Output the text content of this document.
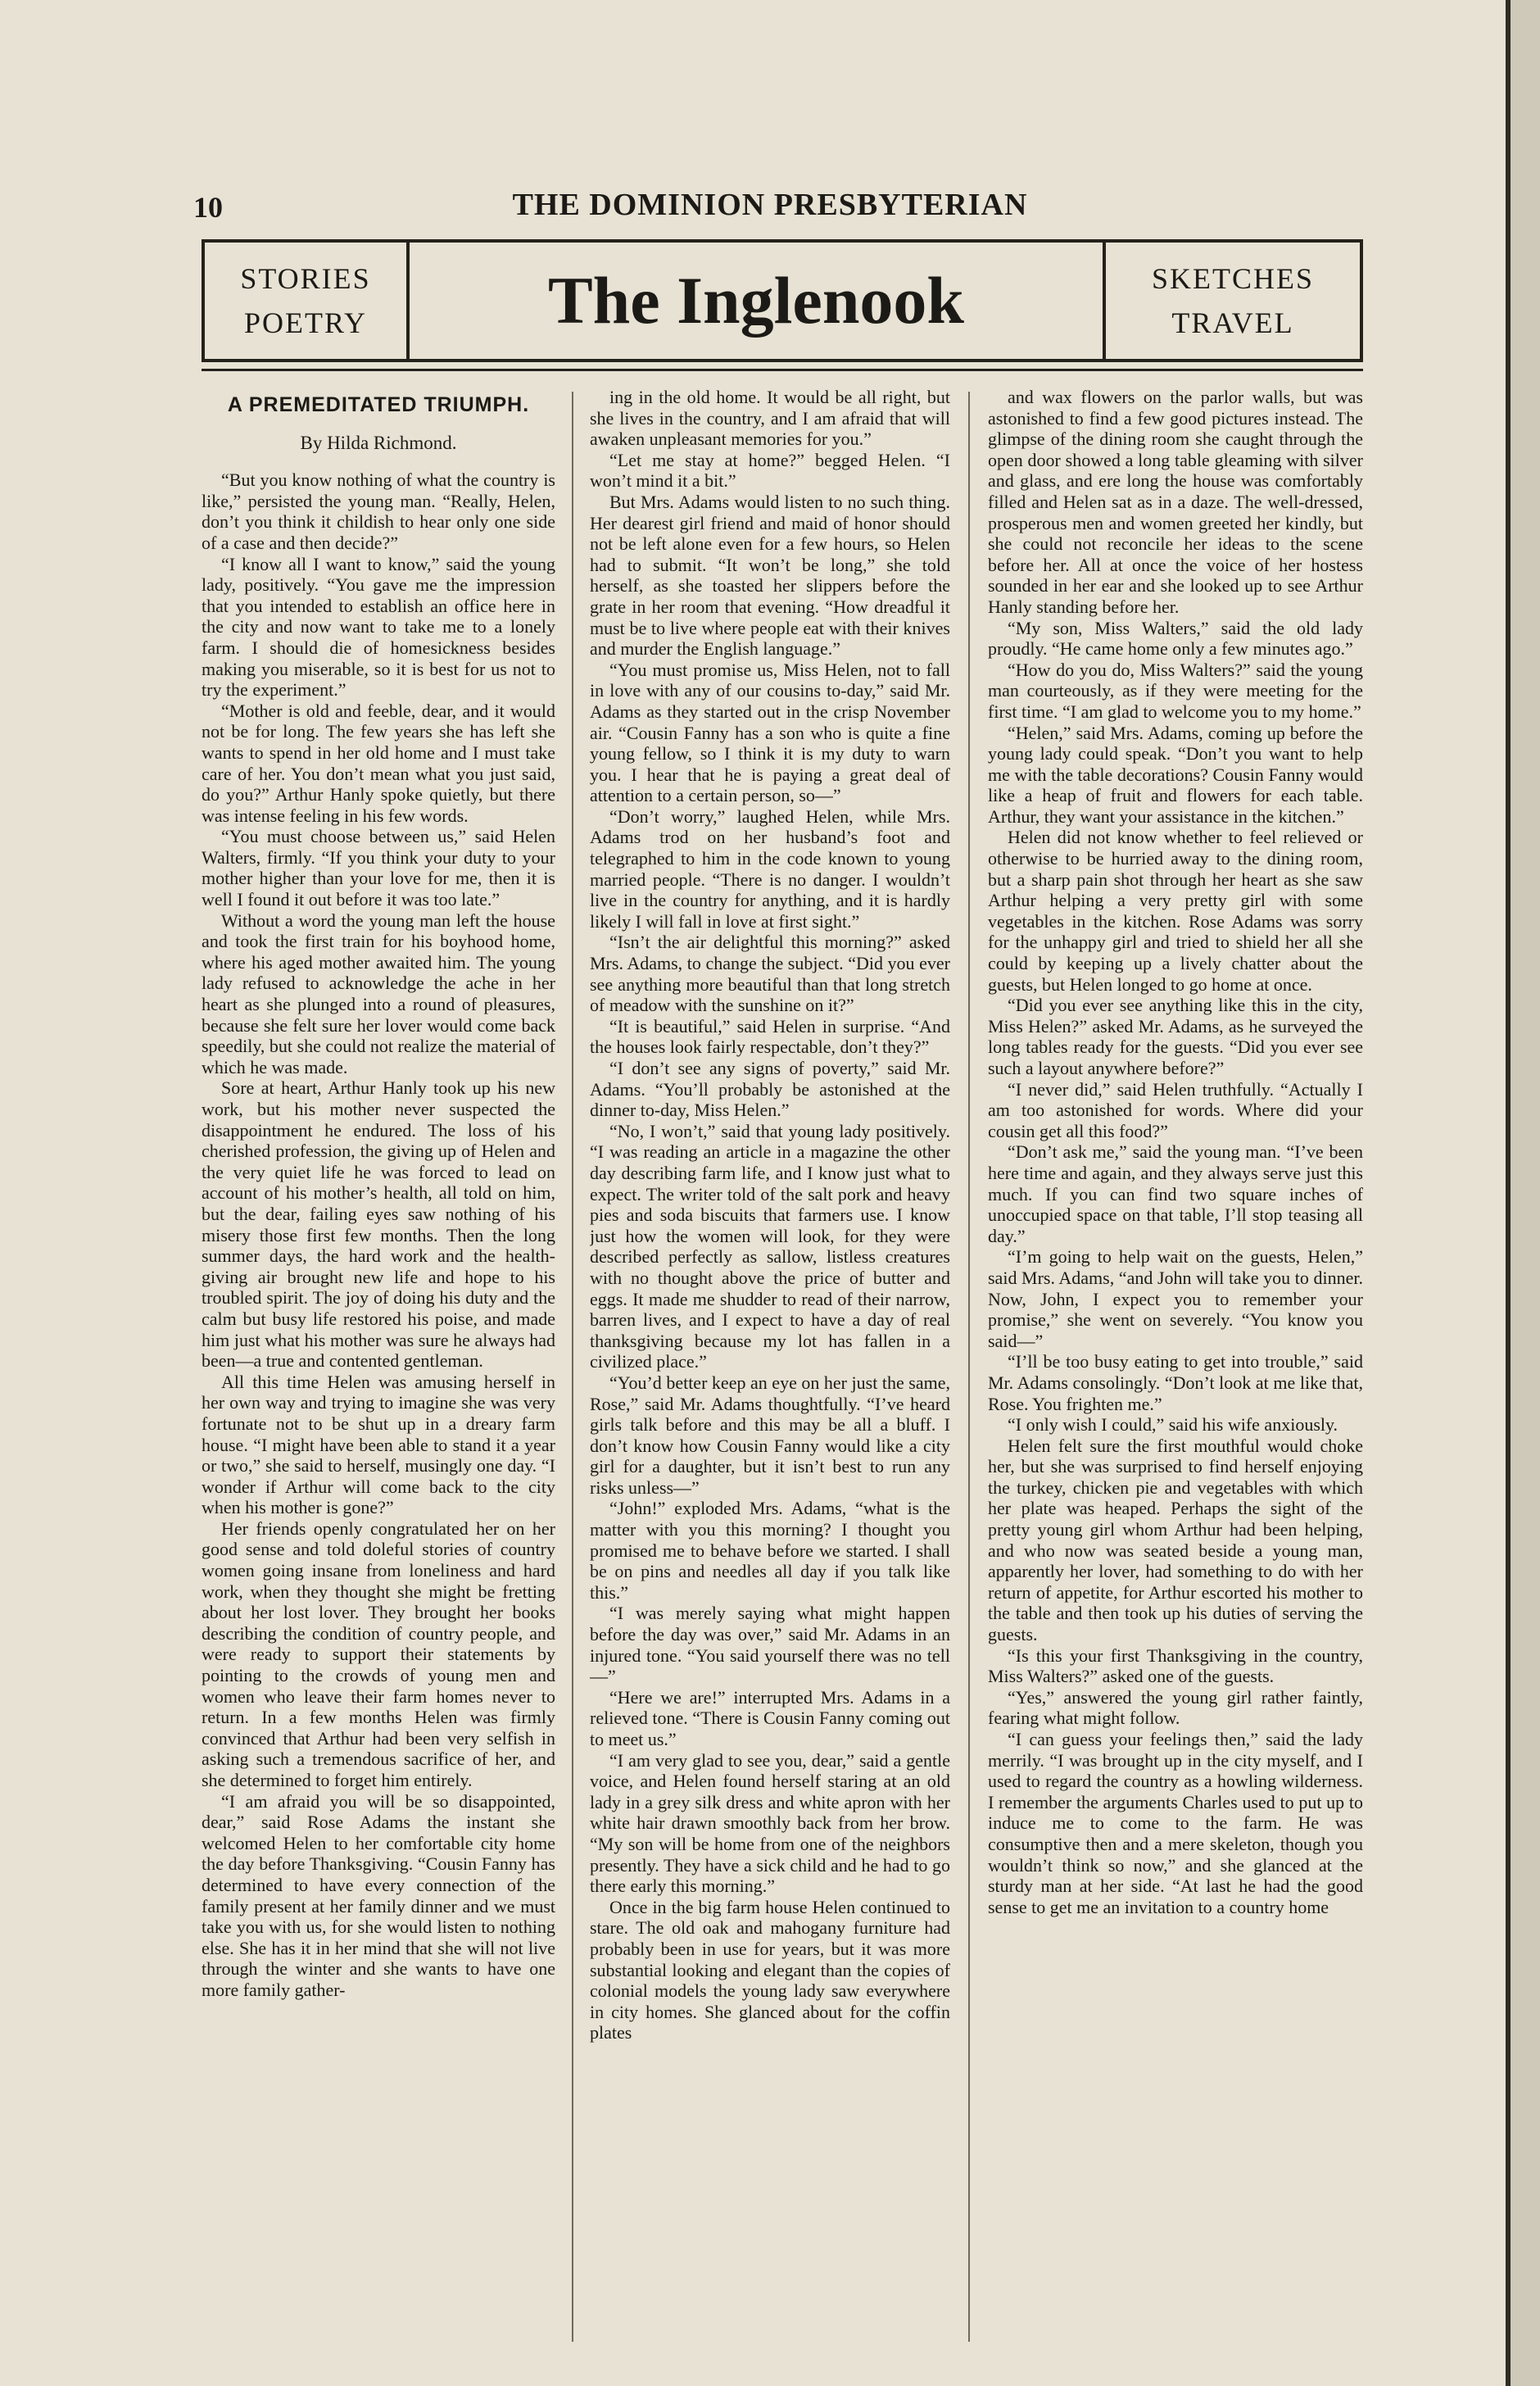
10	THE DOMINION PRESBYTERIAN
STORIES
POETRY	The Inglenook	SKETCHES
TRAVEL
A PREMEDITATED TRIUMPH.
By Hilda Richmond.

“But you know nothing of what the country is like,” persisted the young man. “Really, Helen, don’t you think it childish to hear only one side of a case and then decide?”

“I know all I want to know,” said the young lady, positively. “You gave me the impression that you intended to establish an office here in the city and now want to take me to a lonely farm. I should die of homesickness besides making you miserable, so it is best for us not to try the experiment.”

“Mother is old and feeble, dear, and it would not be for long. The few years she has left she wants to spend in her old home and I must take care of her. You don’t mean what you just said, do you?” Arthur Hanly spoke quietly, but there was intense feeling in his few words.

“You must choose between us,” said Helen Walters, firmly. “If you think your duty to your mother higher than your love for me, then it is well I found it out before it was too late.”

Without a word the young man left the house and took the first train for his boyhood home, where his aged mother awaited him. The young lady refused to acknowledge the ache in her heart as she plunged into a round of pleasures, because she felt sure her lover would come back speedily, but she could not realize the material of which he was made.

Sore at heart, Arthur Hanly took up his new work, but his mother never suspected the disappointment he endured. The loss of his cherished profession, the giving up of Helen and the very quiet life he was forced to lead on account of his mother’s health, all told on him, but the dear, failing eyes saw nothing of his misery those first few months. Then the long summer days, the hard work and the health-giving air brought new life and hope to his troubled spirit. The joy of doing his duty and the calm but busy life restored his poise, and made him just what his mother was sure he always had been—a true and contented gentleman.

All this time Helen was amusing herself in her own way and trying to imagine she was very fortunate not to be shut up in a dreary farm house. “I might have been able to stand it a year or two,” she said to herself, musingly one day. “I wonder if Arthur will come back to the city when his mother is gone?”

Her friends openly congratulated her on her good sense and told doleful stories of country women going insane from loneliness and hard work, when they thought she might be fretting about her lost lover. They brought her books describing the condition of country people, and were ready to support their statements by pointing to the crowds of young men and women who leave their farm homes never to return. In a few months Helen was firmly convinced that Arthur had been very selfish in asking such a tremendous sacrifice of her, and she determined to forget him entirely.

“I am afraid you will be so disappointed, dear,” said Rose Adams the instant she welcomed Helen to her comfortable city home the day before Thanksgiving. “Cousin Fanny has determined to have every connection of the family present at her family dinner and we must take you with us, for she would listen to nothing else. She has it in her mind that she will not live through the winter and she wants to have one more family gather-

ing in the old home. It would be all right, but she lives in the country, and I am afraid that will awaken unpleasant memories for you.”

“Let me stay at home?” begged Helen. “I won’t mind it a bit.”

But Mrs. Adams would listen to no such thing. Her dearest girl friend and maid of honor should not be left alone even for a few hours, so Helen had to submit. “It won’t be long,” she told herself, as she toasted her slippers before the grate in her room that evening. “How dreadful it must be to live where people eat with their knives and murder the English language.”

“You must promise us, Miss Helen, not to fall in love with any of our cousins to-day,” said Mr. Adams as they started out in the crisp November air. “Cousin Fanny has a son who is quite a fine young fellow, so I think it is my duty to warn you. I hear that he is paying a great deal of attention to a certain person, so—”

“Don’t worry,” laughed Helen, while Mrs. Adams trod on her husband’s foot and telegraphed to him in the code known to young married people. “There is no danger. I wouldn’t live in the country for anything, and it is hardly likely I will fall in love at first sight.”

“Isn’t the air delightful this morning?” asked Mrs. Adams, to change the subject. “Did you ever see anything more beautiful than that long stretch of meadow with the sunshine on it?”

“It is beautiful,” said Helen in surprise. “And the houses look fairly respectable, don’t they?”

“I don’t see any signs of poverty,” said Mr. Adams. “You’ll probably be astonished at the dinner to-day, Miss Helen.”

“No, I won’t,” said that young lady positively. “I was reading an article in a magazine the other day describing farm life, and I know just what to expect. The writer told of the salt pork and heavy pies and soda biscuits that farmers use. I know just how the women will look, for they were described perfectly as sallow, listless creatures with no thought above the price of butter and eggs. It made me shudder to read of their narrow, barren lives, and I expect to have a day of real thanksgiving because my lot has fallen in a civilized place.”

“You’d better keep an eye on her just the same, Rose,” said Mr. Adams thoughtfully. “I’ve heard girls talk before and this may be all a bluff. I don’t know how Cousin Fanny would like a city girl for a daughter, but it isn’t best to run any risks unless—”

“John!” exploded Mrs. Adams, “what is the matter with you this morning? I thought you promised me to behave before we started. I shall be on pins and needles all day if you talk like this.”

“I was merely saying what might happen before the day was over,” said Mr. Adams in an injured tone. “You said yourself there was no tell—”

“Here we are!” interrupted Mrs. Adams in a relieved tone. “There is Cousin Fanny coming out to meet us.”

“I am very glad to see you, dear,” said a gentle voice, and Helen found herself staring at an old lady in a grey silk dress and white apron with her white hair drawn smoothly back from her brow. “My son will be home from one of the neighbors presently. They have a sick child and he had to go there early this morning.”

Once in the big farm house Helen continued to stare. The old oak and mahogany furniture had probably been in use for years, but it was more substantial looking and elegant than the copies of colonial models the young lady saw everywhere in city homes. She glanced about for the coffin plates

and wax flowers on the parlor walls, but was astonished to find a few good pictures instead. The glimpse of the dining room she caught through the open door showed a long table gleaming with silver and glass, and ere long the house was comfortably filled and Helen sat as in a daze. The well-dressed, prosperous men and women greeted her kindly, but she could not reconcile her ideas to the scene before her. All at once the voice of her hostess sounded in her ear and she looked up to see Arthur Hanly standing before her.

“My son, Miss Walters,” said the old lady proudly. “He came home only a few minutes ago.”

“How do you do, Miss Walters?” said the young man courteously, as if they were meeting for the first time. “I am glad to welcome you to my home.”

“Helen,” said Mrs. Adams, coming up before the young lady could speak. “Don’t you want to help me with the table decorations? Cousin Fanny would like a heap of fruit and flowers for each table. Arthur, they want your assistance in the kitchen.”

Helen did not know whether to feel relieved or otherwise to be hurried away to the dining room, but a sharp pain shot through her heart as she saw Arthur helping a very pretty girl with some vegetables in the kitchen. Rose Adams was sorry for the unhappy girl and tried to shield her all she could by keeping up a lively chatter about the guests, but Helen longed to go home at once.

“Did you ever see anything like this in the city, Miss Helen?” asked Mr. Adams, as he surveyed the long tables ready for the guests. “Did you ever see such a layout anywhere before?”

“I never did,” said Helen truthfully. “Actually I am too astonished for words. Where did your cousin get all this food?”

“Don’t ask me,” said the young man. “I’ve been here time and again, and they always serve just this much. If you can find two square inches of unoccupied space on that table, I’ll stop teasing all day.”

“I’m going to help wait on the guests, Helen,” said Mrs. Adams, “and John will take you to dinner. Now, John, I expect you to remember your promise,” she went on severely. “You know you said—”

“I’ll be too busy eating to get into trouble,” said Mr. Adams consolingly. “Don’t look at me like that, Rose. You frighten me.”

“I only wish I could,” said his wife anxiously.

Helen felt sure the first mouthful would choke her, but she was surprised to find herself enjoying the turkey, chicken pie and vegetables with which her plate was heaped. Perhaps the sight of the pretty young girl whom Arthur had been helping, and who now was seated beside a young man, apparently her lover, had something to do with her return of appetite, for Arthur escorted his mother to the table and then took up his duties of serving the guests.

“Is this your first Thanksgiving in the country, Miss Walters?” asked one of the guests.

“Yes,” answered the young girl rather faintly, fearing what might follow.

“I can guess your feelings then,” said the lady merrily. “I was brought up in the city myself, and I used to regard the country as a howling wilderness. I remember the arguments Charles used to put up to induce me to come to the farm. He was consumptive then and a mere skeleton, though you wouldn’t think so now,” and she glanced at the sturdy man at her side. “At last he had the good sense to get me an invitation to a country home
